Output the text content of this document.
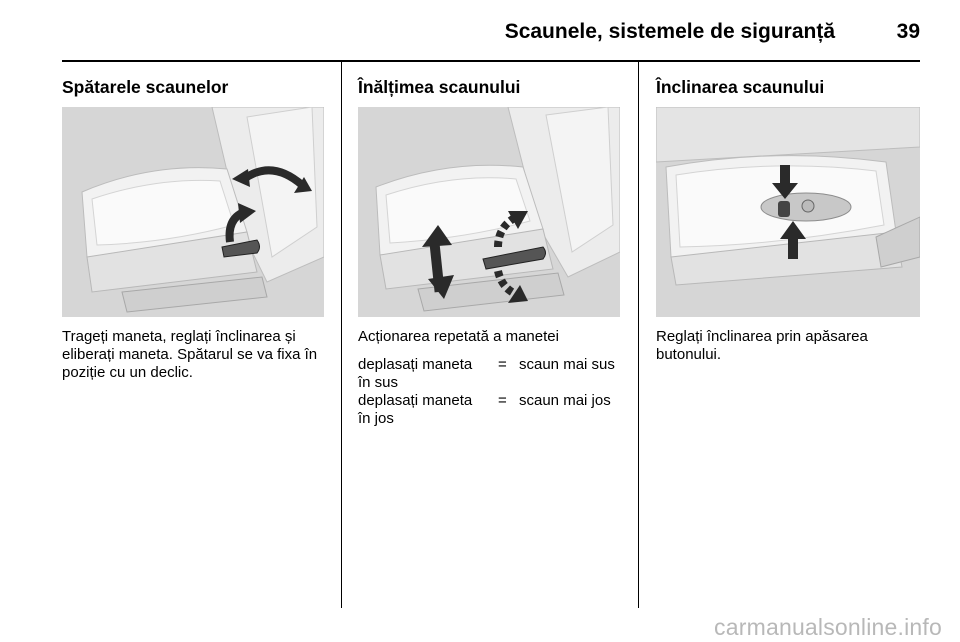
Scaunele, sistemele de siguranță	39
Spătarele scaunelor
Trageți maneta, reglați înclinarea și eliberați maneta. Spătarul se va fixa în poziție cu un declic.
Înălțimea scaunului
Acționarea repetată a manetei
deplasați maneta în sus
= scaun mai sus
deplasați maneta în jos
= scaun mai jos
Înclinarea scaunului
Reglați înclinarea prin apăsarea butonului.
carmanualsonline.info
